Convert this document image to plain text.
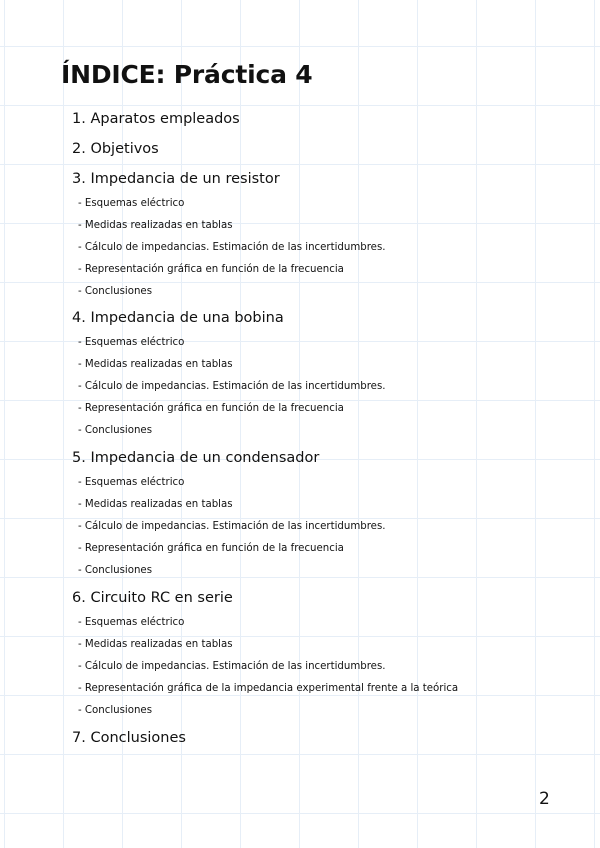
ÍNDICE: Práctica 4
1. Aparatos empleados
2. Objetivos
3. Impedancia de un resistor
- Esquemas eléctrico
- Medidas realizadas en tablas
- Cálculo de impedancias. Estimación de las incertidumbres.
- Representación gráfica en función de la frecuencia
- Conclusiones
4. Impedancia de una bobina
- Esquemas eléctrico
- Medidas realizadas en tablas
- Cálculo de impedancias. Estimación de las incertidumbres.
- Representación gráfica en función de la frecuencia
- Conclusiones
5. Impedancia de un condensador
- Esquemas eléctrico
- Medidas realizadas en tablas
- Cálculo de impedancias. Estimación de las incertidumbres.
- Representación gráfica en función de la frecuencia
- Conclusiones
6. Circuito RC en serie
- Esquemas eléctrico
- Medidas realizadas en tablas
- Cálculo de impedancias. Estimación de las incertidumbres.
- Representación gráfica de la impedancia experimental frente a la teórica
- Conclusiones
7. Conclusiones
2
